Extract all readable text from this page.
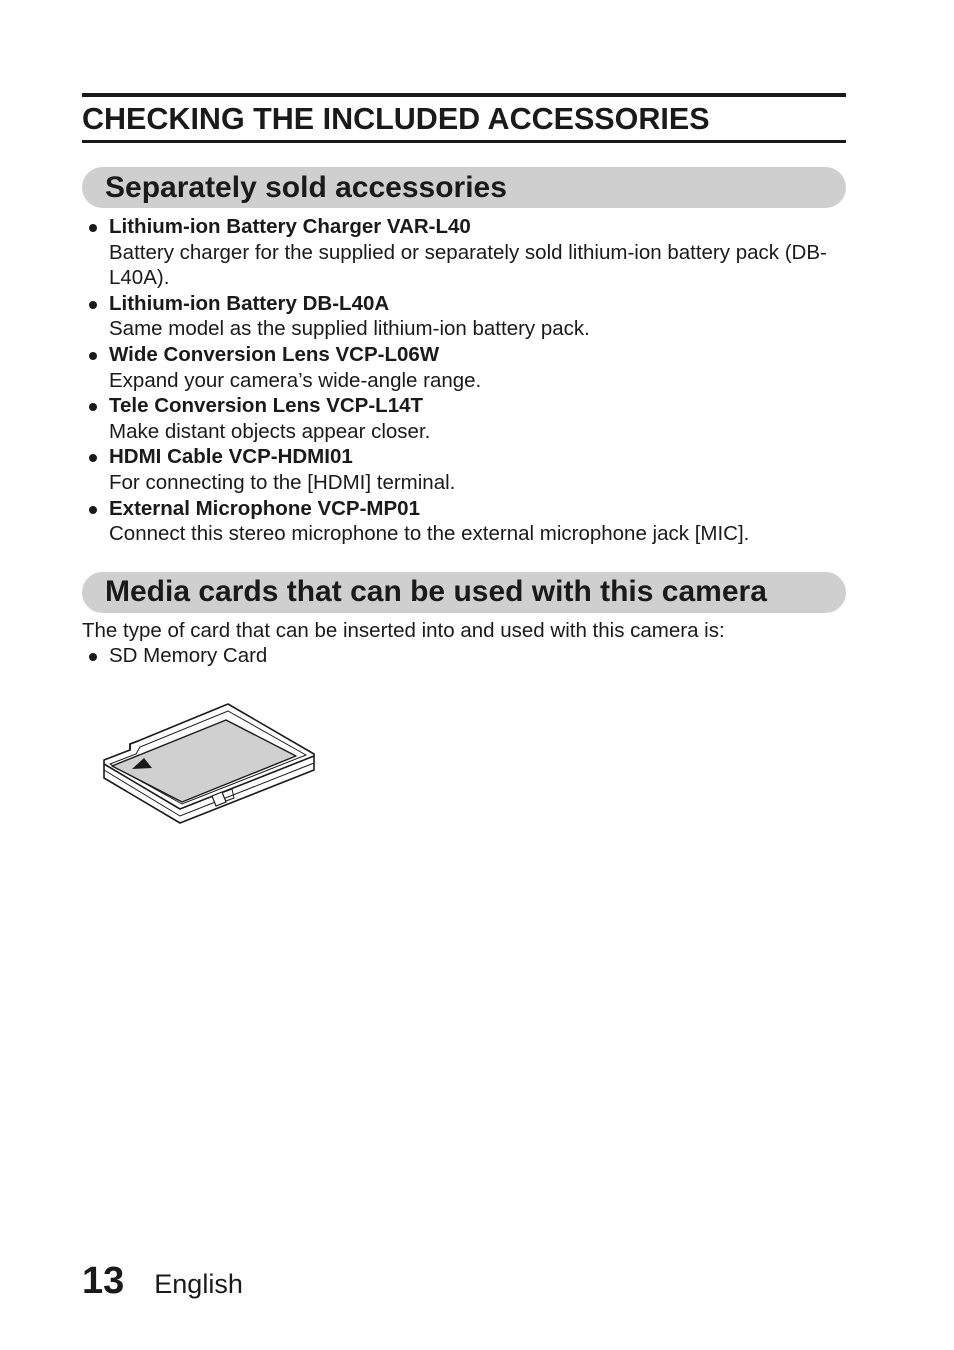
CHECKING THE INCLUDED ACCESSORIES
Separately sold accessories
Lithium-ion Battery Charger VAR-L40
Battery charger for the supplied or separately sold lithium-ion battery pack (DB-L40A).
Lithium-ion Battery DB-L40A
Same model as the supplied lithium-ion battery pack.
Wide Conversion Lens VCP-L06W
Expand your camera’s wide-angle range.
Tele Conversion Lens VCP-L14T
Make distant objects appear closer.
HDMI Cable VCP-HDMI01
For connecting to the [HDMI] terminal.
External Microphone VCP-MP01
Connect this stereo microphone to the external microphone jack [MIC].
Media cards that can be used with this camera

The type of card that can be inserted into and used with this camera is:

SD Memory Card
13 English
